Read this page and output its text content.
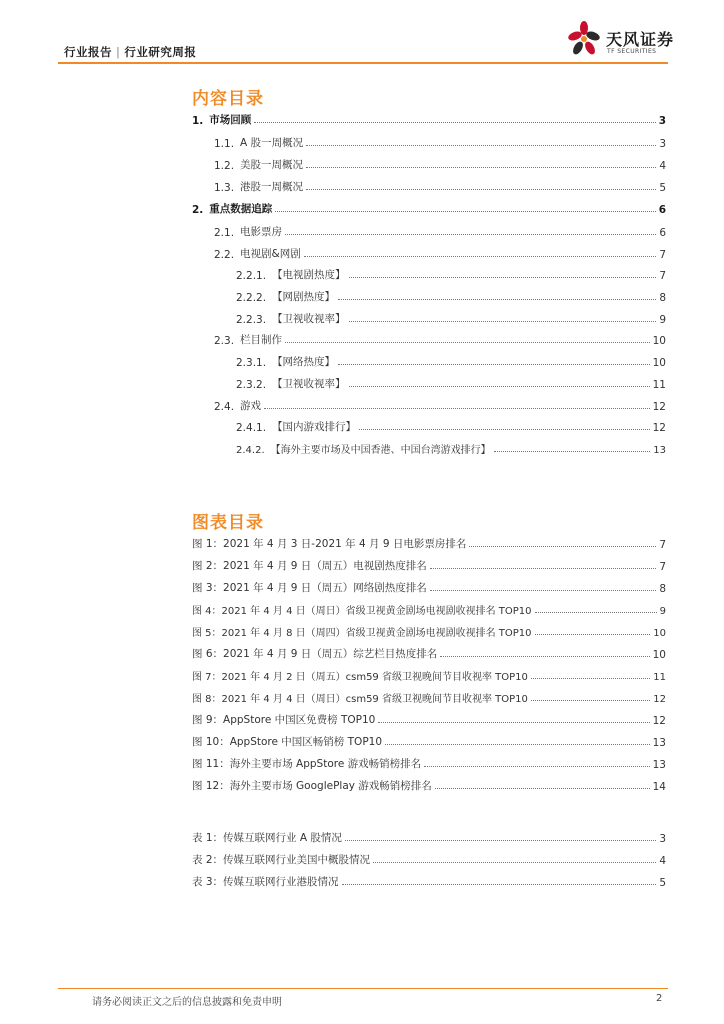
行业报告 | 行业研究周报
天风证券
TF SECURITIES
内容目录
1. 市场回顾	3
1.1. A 股一周概况	3
1.2. 美股一周概况	4
1.3. 港股一周概况	5
2. 重点数据追踪	6
2.1. 电影票房	6
2.2. 电视剧&网剧	7
2.2.1. 【电视剧热度】	7
2.2.2. 【网剧热度】	8
2.2.3. 【卫视收视率】	9
2.3. 栏目制作	10
2.3.1. 【网络热度】	10
2.3.2. 【卫视收视率】	11
2.4. 游戏	12
2.4.1. 【国内游戏排行】	12
2.4.2. 【海外主要市场及中国香港、中国台湾游戏排行】	13
图表目录
图 1： 2021 年 4 月 3 日-2021 年 4 月 9 日电影票房排名	7
图 2： 2021 年 4 月 9 日（周五）电视剧热度排名	7
图 3： 2021 年 4 月 9 日（周五）网络剧热度排名	8
图 4： 2021 年 4 月 4 日（周日）省级卫视黄金剧场电视剧收视排名 TOP10	9
图 5： 2021 年 4 月 8 日（周四）省级卫视黄金剧场电视剧收视排名 TOP10	10
图 6： 2021 年 4 月 9 日（周五）综艺栏目热度排名	10
图 7： 2021 年 4 月 2 日（周五）csm59 省级卫视晚间节目收视率 TOP10	11
图 8： 2021 年 4 月 4 日（周日）csm59 省级卫视晚间节目收视率 TOP10	12
图 9： AppStore 中国区免费榜 TOP10	12
图 10： AppStore 中国区畅销榜 TOP10	13
图 11： 海外主要市场 AppStore 游戏畅销榜排名	13
图 12： 海外主要市场 GooglePlay 游戏畅销榜排名	14
表 1： 传媒互联网行业 A 股情况	3
表 2： 传媒互联网行业美国中概股情况	4
表 3： 传媒互联网行业港股情况	5
请务必阅读正文之后的信息披露和免责申明	2
